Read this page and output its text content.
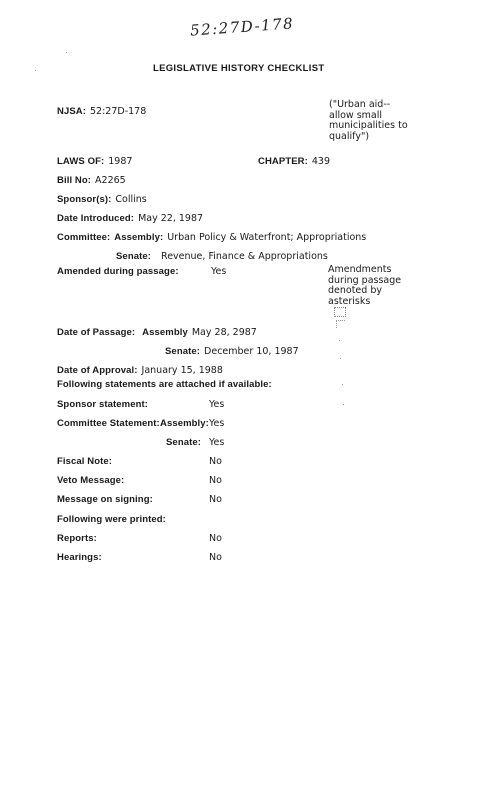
52:27D-178
LEGISLATIVE HISTORY CHECKLIST
NJSA: 52:27D-178
("Urban aid--allow small municipalities to qualify")
LAWS OF: 1987	CHAPTER: 439
Bill No: A2265
Sponsor(s): Collins
Date Introduced: May 22, 1987
Committee: Assembly: Urban Policy & Waterfront; Appropriations
Senate: Revenue, Finance & Appropriations
Amended during passage:	Yes	Amendments during passage denoted by asterisks
Date of Passage: Assembly May 28, 2987
Senate: December 10, 1987
Date of Approval: January 15, 1988
Following statements are attached if available:
Sponsor statement:	Yes
Committee Statement: Assembly: Yes
Senate: Yes
Fiscal Note:	No
Veto Message:	No
Message on signing:	No
Following were printed:
Reports:	No
Hearings:	No
